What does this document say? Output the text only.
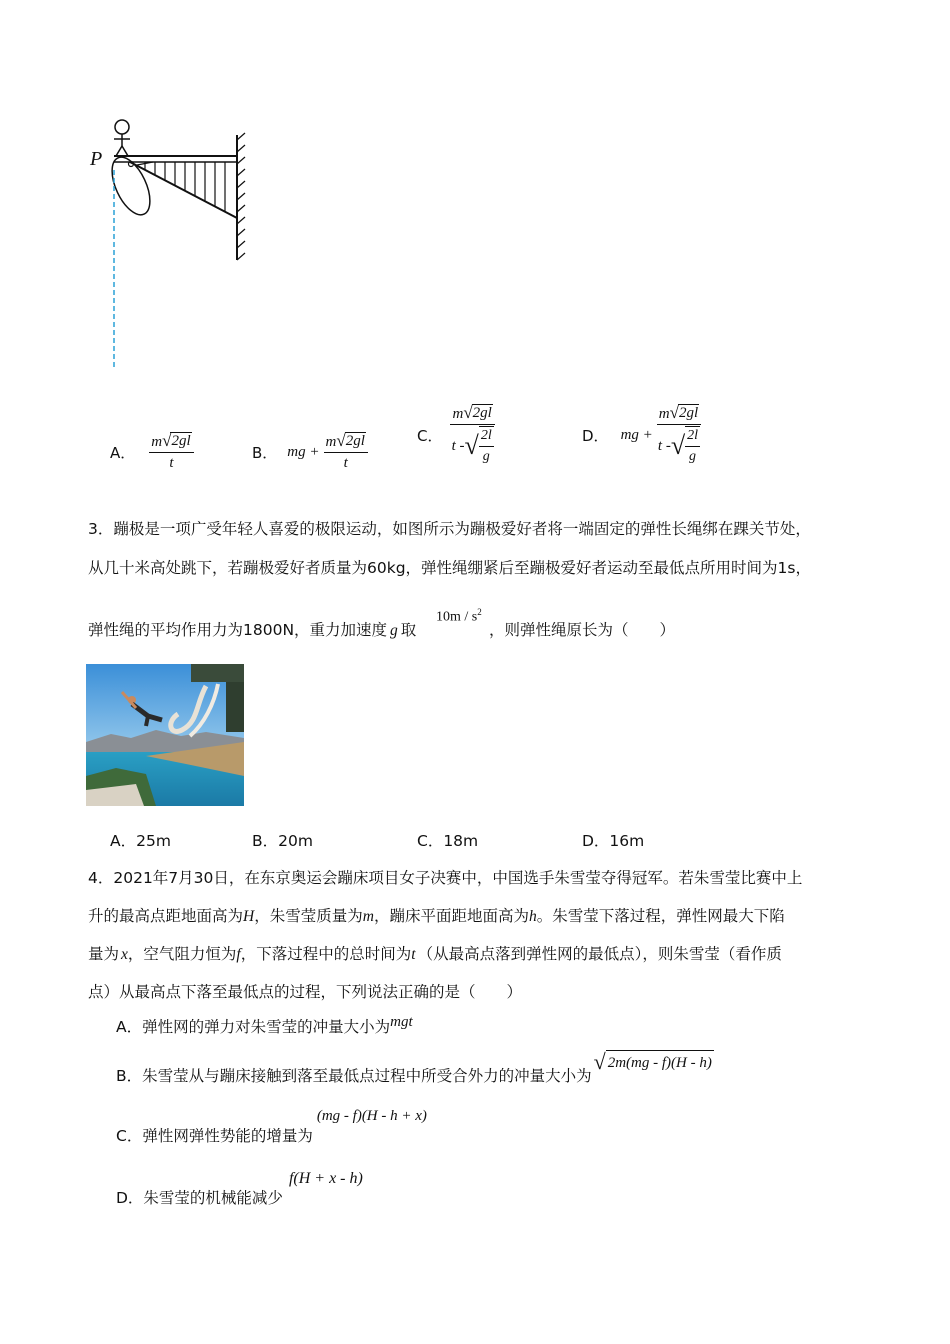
P
A． $\frac{m √ 2gl}{t}$	B． mg + $\frac{m √ 2gl}{t}$	C． $\frac{m √ 2gl}{t - √ \frac{2l}{g}}$	D． mg + $\frac{m √ 2gl}{t - √ \frac{2l}{g}}$
3．蹦极是一项广受年轻人喜爱的极限运动，如图所示为蹦极爱好者将一端固定的弹性长绳绑在踝关节处，
从几十米高处跳下，若蹦极爱好者质量为60kg，弹性绳绷紧后至蹦极爱好者运动至最低点所用时间为1s，
弹性绳的平均作用力为1800N，重力加速度 g 取
$10m / s^2$
，则弹性绳原长为（　　）
A．25m	B．20m	C．18m	D．16m
4．2021年7月30日，在东京奥运会蹦床项目女子决赛中，中国选手朱雪莹夺得冠军。若朱雪莹比赛中上
升的最高点距地面高为H，朱雪莹质量为m，蹦床平面距地面高为h。朱雪莹下落过程，弹性网最大下陷
量为 x，空气阻力恒为f，下落过程中的总时间为t （从最高点落到弹性网的最低点），则朱雪莹（看作质
点）从最高点下落至最低点的过程，下列说法正确的是（　　）
A．弹性网的弹力对朱雪莹的冲量大小为 mgt
B．朱雪莹从与蹦床接触到落至最低点过程中所受合外力的冲量大小为
√ 2m(mg - f)(H - h)
C．弹性网弹性势能的增量为
(mg - f)(H - h + x)
D．朱雪莹的机械能减少
f(H + x - h)
